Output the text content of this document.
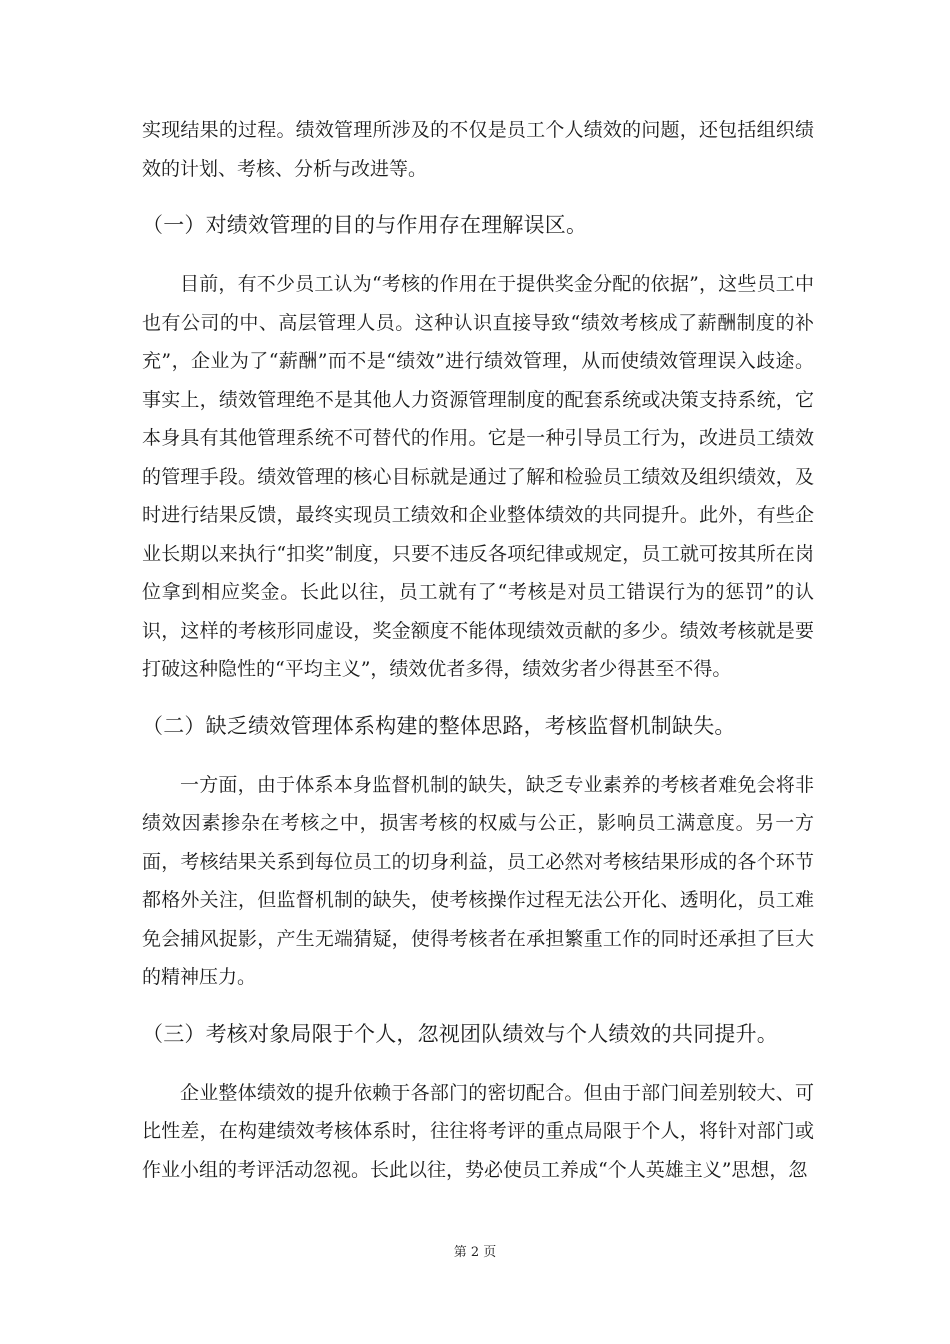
实现结果的过程。绩效管理所涉及的不仅是员工个人绩效的问题，还包括组织绩效的计划、考核、分析与改进等。

（一）对绩效管理的目的与作用存在理解误区。

目前，有不少员工认为“考核的作用在于提供奖金分配的依据”，这些员工中也有公司的中、高层管理人员。这种认识直接导致“绩效考核成了薪酬制度的补充”，企业为了“薪酬”而不是“绩效”进行绩效管理，从而使绩效管理误入歧途。事实上，绩效管理绝不是其他人力资源管理制度的配套系统或决策支持系统，它本身具有其他管理系统不可替代的作用。它是一种引导员工行为，改进员工绩效的管理手段。绩效管理的核心目标就是通过了解和检验员工绩效及组织绩效，及时进行结果反馈，最终实现员工绩效和企业整体绩效的共同提升。此外，有些企业长期以来执行“扣奖”制度，只要不违反各项纪律或规定，员工就可按其所在岗位拿到相应奖金。长此以往，员工就有了“考核是对员工错误行为的惩罚”的认识，这样的考核形同虚设，奖金额度不能体现绩效贡献的多少。绩效考核就是要打破这种隐性的“平均主义”，绩效优者多得，绩效劣者少得甚至不得。

（二）缺乏绩效管理体系构建的整体思路，考核监督机制缺失。

一方面，由于体系本身监督机制的缺失，缺乏专业素养的考核者难免会将非绩效因素掺杂在考核之中，损害考核的权威与公正，影响员工满意度。另一方面，考核结果关系到每位员工的切身利益，员工必然对考核结果形成的各个环节都格外关注，但监督机制的缺失，使考核操作过程无法公开化、透明化，员工难免会捕风捉影，产生无端猜疑，使得考核者在承担繁重工作的同时还承担了巨大的精神压力。

（三）考核对象局限于个人，忽视团队绩效与个人绩效的共同提升。

企业整体绩效的提升依赖于各部门的密切配合。但由于部门间差别较大、可比性差，在构建绩效考核体系时，往往将考评的重点局限于个人，将针对部门或作业小组的考评活动忽视。长此以往，势必使员工养成“个人英雄主义”思想，忽

第 2 页
